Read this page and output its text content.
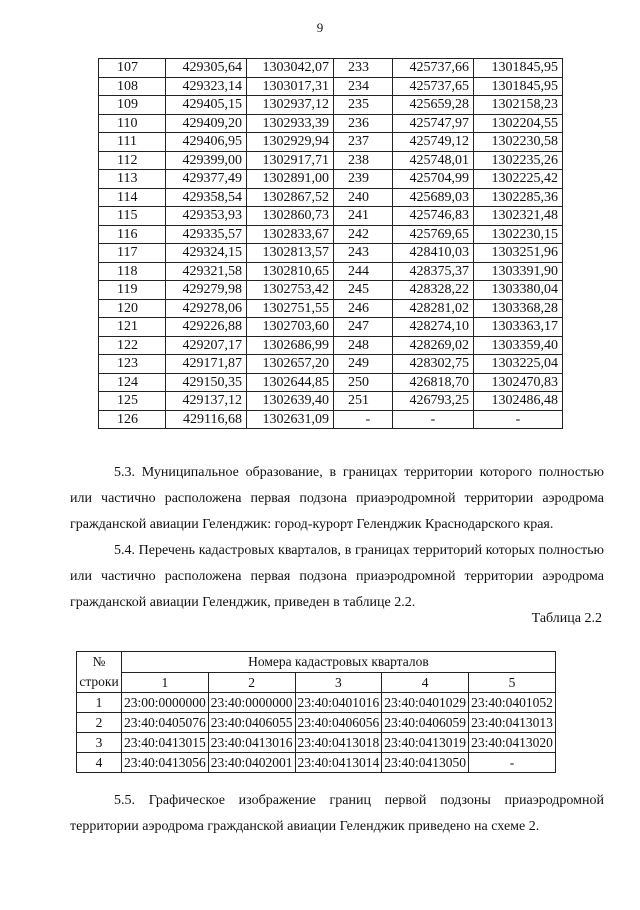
9
107	429305,64	1303042,07	233	425737,66	1301845,95
108	429323,14	1303017,31	234	425737,65	1301845,95
109	429405,15	1302937,12	235	425659,28	1302158,23
110	429409,20	1302933,39	236	425747,97	1302204,55
111	429406,95	1302929,94	237	425749,12	1302230,58
112	429399,00	1302917,71	238	425748,01	1302235,26
113	429377,49	1302891,00	239	425704,99	1302225,42
114	429358,54	1302867,52	240	425689,03	1302285,36
115	429353,93	1302860,73	241	425746,83	1302321,48
116	429335,57	1302833,67	242	425769,65	1302230,15
117	429324,15	1302813,57	243	428410,03	1303251,96
118	429321,58	1302810,65	244	428375,37	1303391,90
119	429279,98	1302753,42	245	428328,22	1303380,04
120	429278,06	1302751,55	246	428281,02	1303368,28
121	429226,88	1302703,60	247	428274,10	1303363,17
122	429207,17	1302686,99	248	428269,02	1303359,40
123	429171,87	1302657,20	249	428302,75	1303225,04
124	429150,35	1302644,85	250	426818,70	1302470,83
125	429137,12	1302639,40	251	426793,25	1302486,48
126	429116,68	1302631,09	-	-	-

5.3. Муниципальное образование, в границах территории которого полностью или частично расположена первая подзона приаэродромной территории аэродрома гражданской авиации Геленджик: город-курорт Геленджик Краснодарского края.

5.4. Перечень кадастровых кварталов, в границах территорий которых полностью или частично расположена первая подзона приаэродромной территории аэродрома гражданской авиации Геленджик, приведен в таблице 2.2.

Таблица 2.2
№
строки	Номера кадастровых кварталов				
	1	2	3	4	5
1	23:00:0000000	23:40:0000000	23:40:0401016	23:40:0401029	23:40:0401052
2	23:40:0405076	23:40:0406055	23:40:0406056	23:40:0406059	23:40:0413013
3	23:40:0413015	23:40:0413016	23:40:0413018	23:40:0413019	23:40:0413020
4	23:40:0413056	23:40:0402001	23:40:0413014	23:40:0413050	-

5.5. Графическое изображение границ первой подзоны приаэродромной территории аэродрома гражданской авиации Геленджик приведено на схеме 2.
